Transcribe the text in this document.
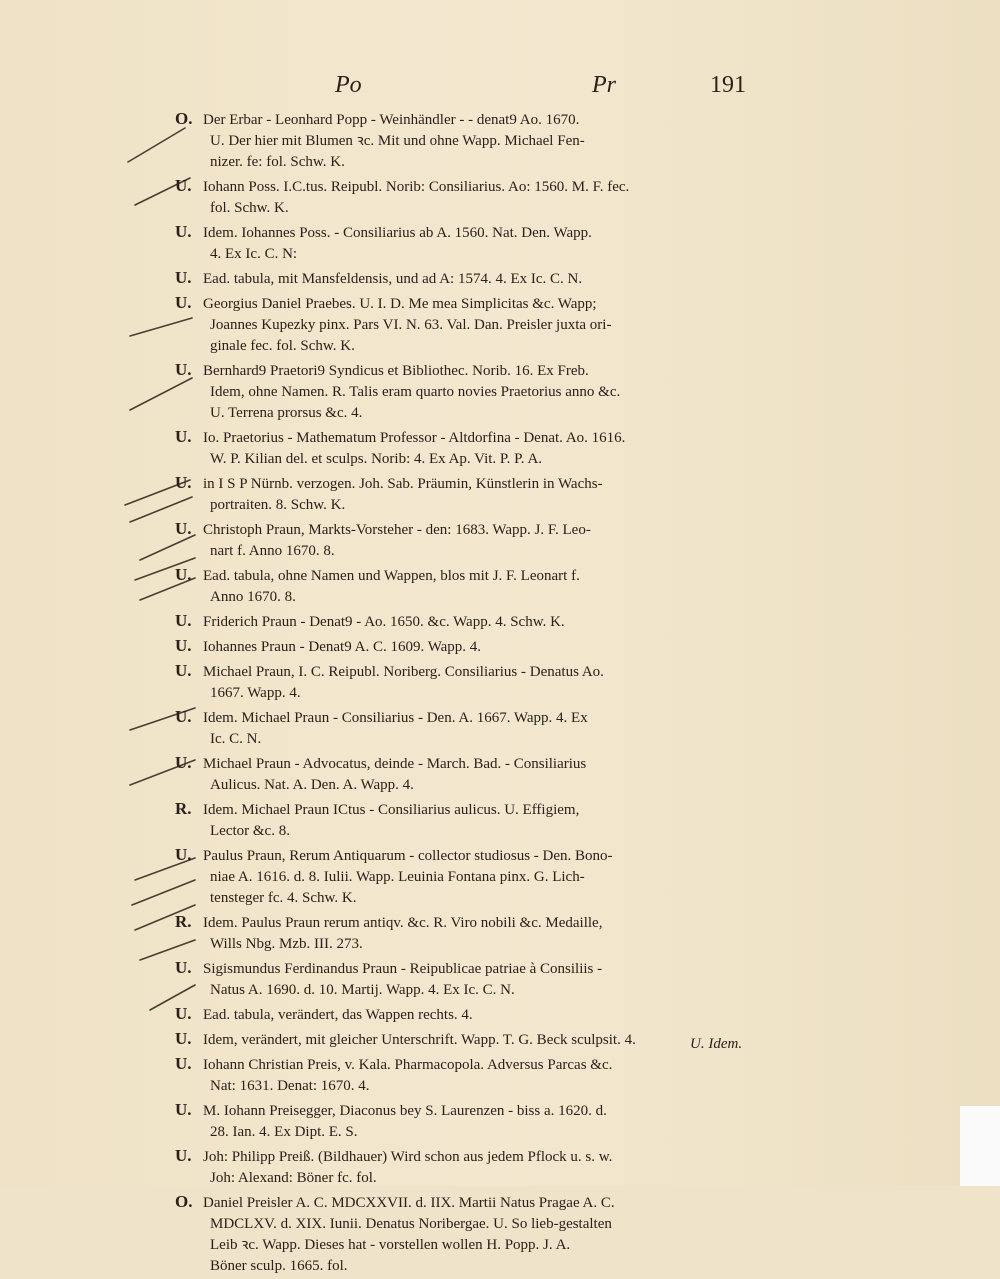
Po	Pr	191
O. Der Erbar - Leonhard Popp - Weinhändler - - denat9 Ao. 1670.
U. Der hier mit Blumen ꝛc. Mit und ohne Wapp. Michael Fen-
nizer. fe: fol. Schw. K.
U. Iohann Poss. I.C.tus. Reipubl. Norib: Consiliarius. Ao: 1560. M. F. fec.
fol. Schw. K.
U. Idem. Iohannes Poss. - Consiliarius ab A. 1560. Nat. Den. Wapp.
4. Ex Ic. C. N:
U. Ead. tabula, mit Mansfeldensis, und ad A: 1574. 4. Ex Ic. C. N.
U. Georgius Daniel Praebes. U. I. D. Me mea Simplicitas &c. Wapp;
Joannes Kupezky pinx. Pars VI. N. 63. Val. Dan. Preisler juxta ori-
ginale fec. fol. Schw. K.
U. Bernhard9 Praetori9 Syndicus et Bibliothec. Norib. 16. Ex Freb.
Idem, ohne Namen. R. Talis eram quarto novies Praetorius anno &c.
U. Terrena prorsus &c. 4.
U. Io. Praetorius - Mathematum Professor - Altdorfina - Denat. Ao. 1616.
W. P. Kilian del. et sculps. Norib: 4. Ex Ap. Vit. P. P. A.
U. in I S P Nürnb. verzogen. Joh. Sab. Präumin, Künstlerin in Wachs-
portraiten. 8. Schw. K.
U. Christoph Praun, Markts-Vorsteher - den: 1683. Wapp. J. F. Leo-
nart f. Anno 1670. 8.
U. Ead. tabula, ohne Namen und Wappen, blos mit J. F. Leonart f.
Anno 1670. 8.
U. Friderich Praun - Denat9 - Ao. 1650. &c. Wapp. 4. Schw. K.
U. Iohannes Praun - Denat9 A. C. 1609. Wapp. 4.
U. Michael Praun, I. C. Reipubl. Noriberg. Consiliarius - Denatus Ao.
1667. Wapp. 4.
U. Idem. Michael Praun - Consiliarius - Den. A. 1667. Wapp. 4. Ex
Ic. C. N.
U. Michael Praun - Advocatus, deinde - March. Bad. - Consiliarius
Aulicus. Nat. A. Den. A. Wapp. 4.
R. Idem. Michael Praun ICtus - Consiliarius aulicus. U. Effigiem,
Lector &c. 8.
U. Paulus Praun, Rerum Antiquarum - collector studiosus - Den. Bono-
niae A. 1616. d. 8. Iulii. Wapp. Leuinia Fontana pinx. G. Lich-
tensteger fc. 4. Schw. K.
R. Idem. Paulus Praun rerum antiqv. &c. R. Viro nobili &c. Medaille,
Wills Nbg. Mzb. III. 273.
U. Sigismundus Ferdinandus Praun - Reipublicae patriae à Consiliis -
Natus A. 1690. d. 10. Martij. Wapp. 4. Ex Ic. C. N.
U. Ead. tabula, verändert, das Wappen rechts. 4.
U. Idem, verändert, mit gleicher Unterschrift. Wapp. T. G. Beck sculpsit. 4.
U. Iohann Christian Preis, v. Kala. Pharmacopola. Adversus Parcas &c.
Nat: 1631. Denat: 1670. 4.
U. M. Iohann Preisegger, Diaconus bey S. Laurenzen - biss a. 1620. d.
28. Ian. 4. Ex Dipt. E. S.
U. Joh: Philipp Preiß. (Bildhauer) Wird schon aus jedem Pflock u. s. w.
Joh: Alexand: Böner fc. fol.
O. Daniel Preisler A. C. MDCXXVII. d. IIX. Martii Natus Pragae A. C.
MDCLXV. d. XIX. Iunii. Denatus Noribergae. U. So lieb-gestalten
Leib ꝛc. Wapp. Dieses hat - vorstellen wollen H. Popp. J. A.
Böner sculp. 1665. fol.
U. Idem.
